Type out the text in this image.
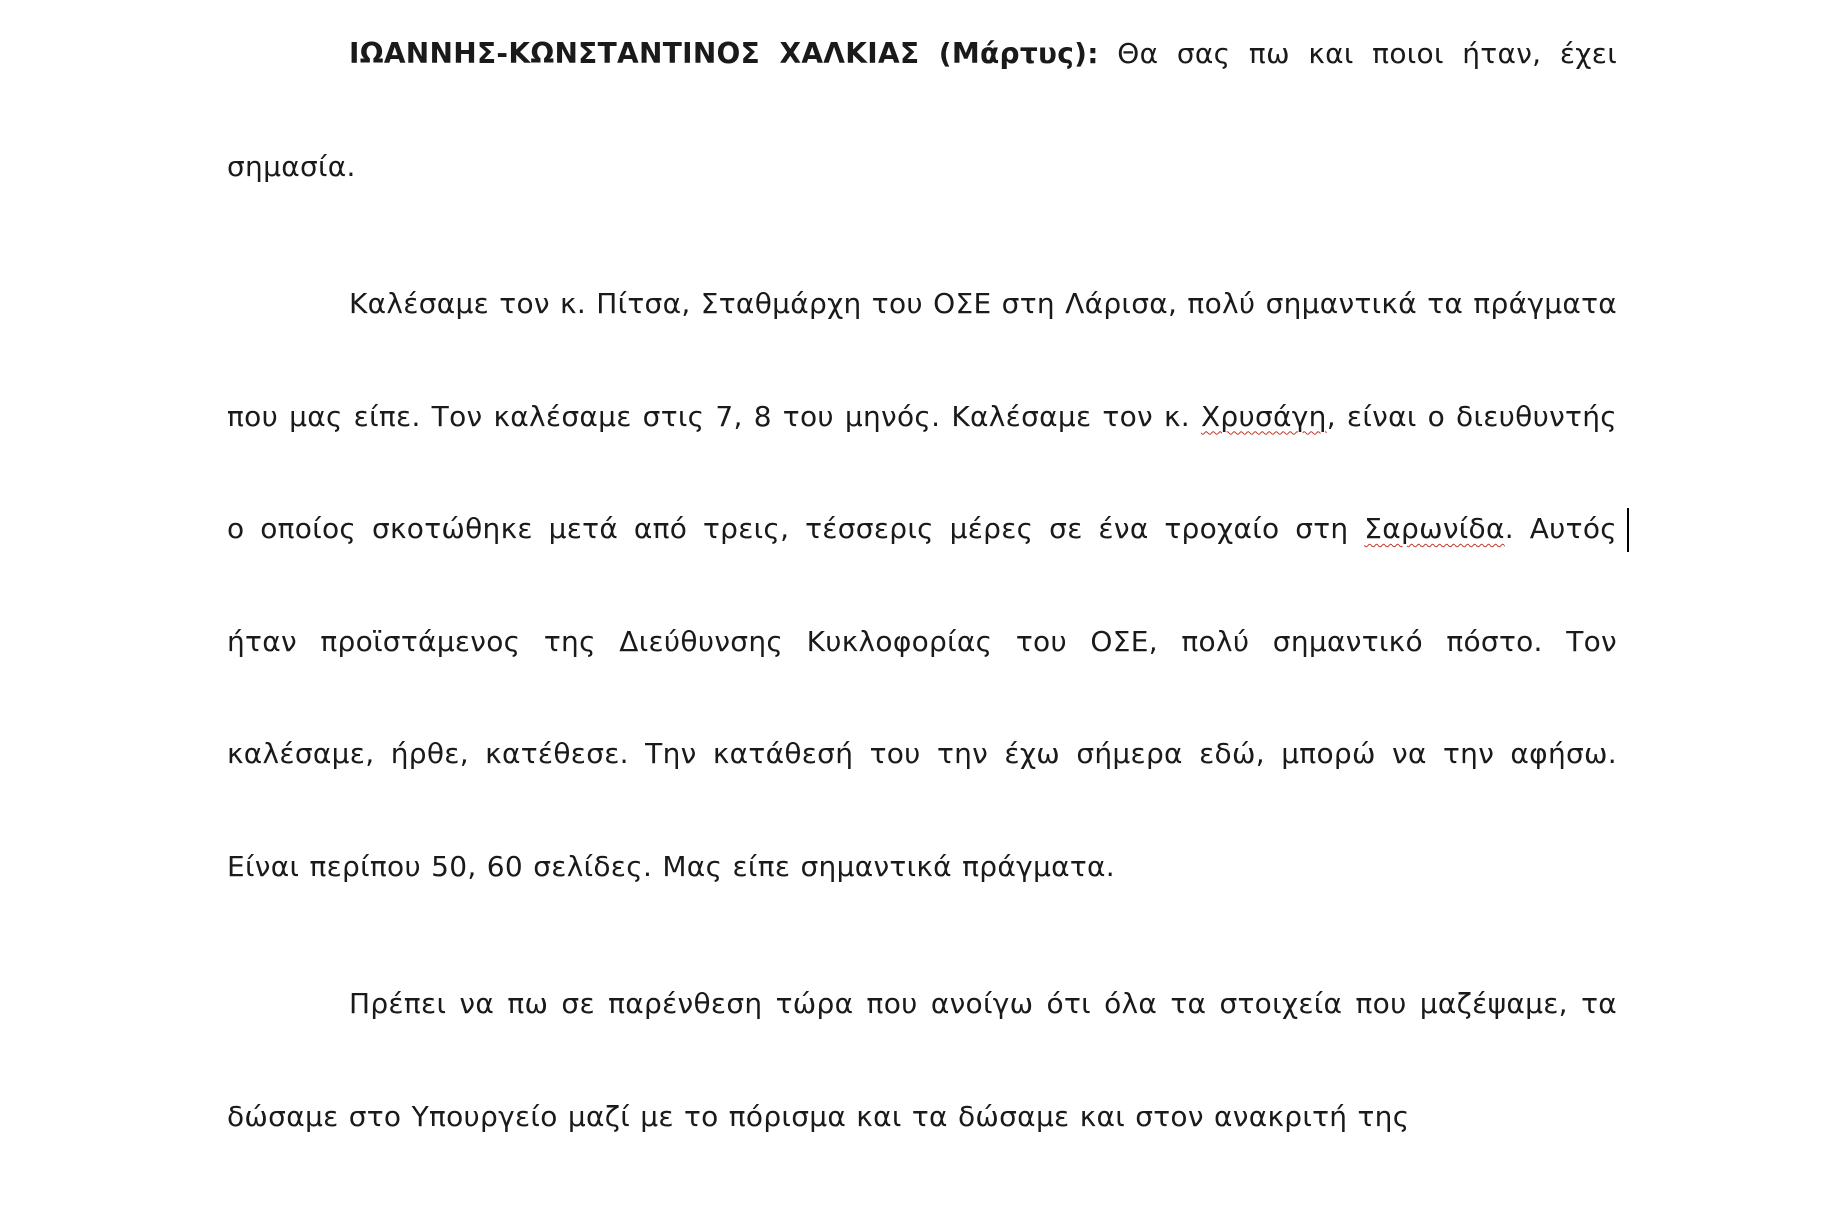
ΙΩΑΝΝΗΣ-ΚΩΝΣΤΑΝΤΙΝΟΣ ΧΑΛΚΙΑΣ (Μάρτυς): Θα σας πω και ποιοι ήταν, έχει σημασία.

Καλέσαμε τον κ. Πίτσα, Σταθμάρχη του ΟΣΕ στη Λάρισα, πολύ σημαντικά τα πράγματα που μας είπε. Τον καλέσαμε στις 7, 8 του μηνός. Καλέσαμε τον κ. Χρυσάγη, είναι ο διευθυντής ο οποίος σκοτώθηκε μετά από τρεις, τέσσερις μέρες σε ένα τροχαίο στη Σαρωνίδα. Αυτός ήταν προϊστάμενος της Διεύθυνσης Κυκλοφορίας του ΟΣΕ, πολύ σημαντικό πόστο. Τον καλέσαμε, ήρθε, κατέθεσε. Την κατάθεσή του την έχω σήμερα εδώ, μπορώ να την αφήσω. Είναι περίπου 50, 60 σελίδες. Μας είπε σημαντικά πράγματα.

Πρέπει να πω σε παρένθεση τώρα που ανοίγω ότι όλα τα στοιχεία που μαζέψαμε, τα δώσαμε στο Υπουργείο μαζί με το πόρισμα και τα δώσαμε και στον ανακριτή της
